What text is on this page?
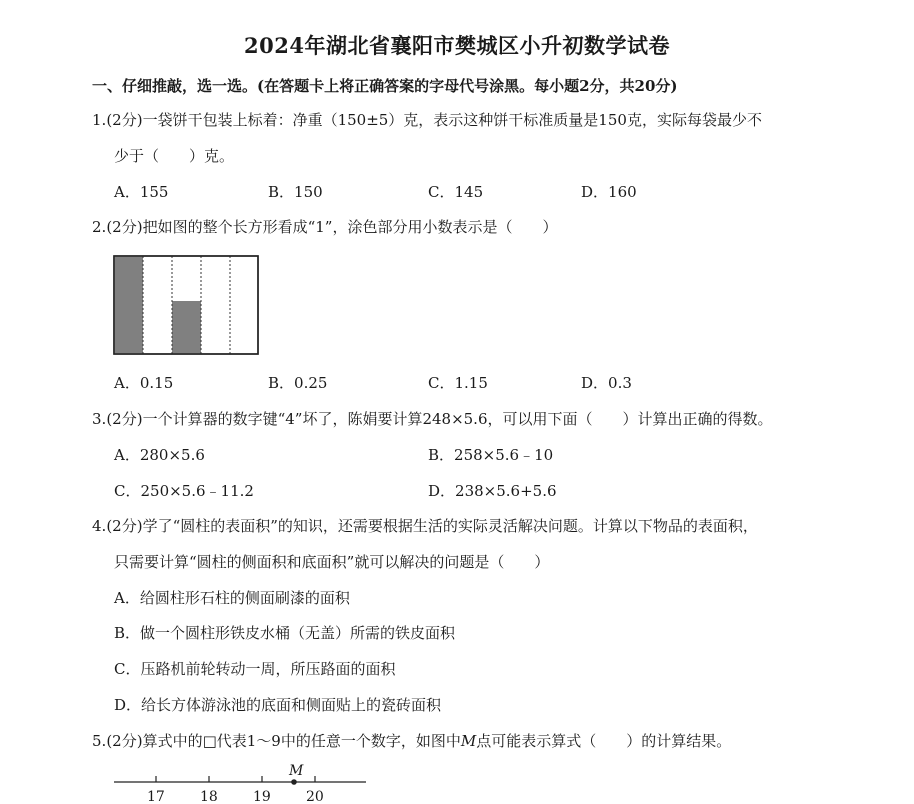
2024年湖北省襄阳市樊城区小升初数学试卷
一、仔细推敲，选一选。(在答题卡上将正确答案的字母代号涂黑。每小题2分，共20分)
1.(2分)一袋饼干包装上标着：净重（150±5）克，表示这种饼干标准质量是150克，实际每袋最少不
少于（　　）克。
A．155	B．150	C．145	D．160
2.(2分)把如图的整个长方形看成“1”，涂色部分用小数表示是（　　）
A．0.15	B．0.25	C．1.15	D．0.3
3.(2分)一个计算器的数字键“4”坏了，陈娟要计算248×5.6，可以用下面（　　）计算出正确的得数。
A．280×5.6	B．258×5.6﹣10
C．250×5.6﹣11.2	D．238×5.6+5.6
4.(2分)学了“圆柱的表面积”的知识，还需要根据生活的实际灵活解决问题。计算以下物品的表面积，
只需要计算“圆柱的侧面积和底面积”就可以解决的问题是（　　）
A．给圆柱形石柱的侧面刷漆的面积
B．做一个圆柱形铁皮水桶（无盖）所需的铁皮面积
C．压路机前轮转动一周，所压路面的面积
D．给长方体游泳池的底面和侧面贴上的瓷砖面积
5.(2分)算式中的□代表1～9中的任意一个数字，如图中M点可能表示算式（　　）的计算结果。
M
17	18	19	20
